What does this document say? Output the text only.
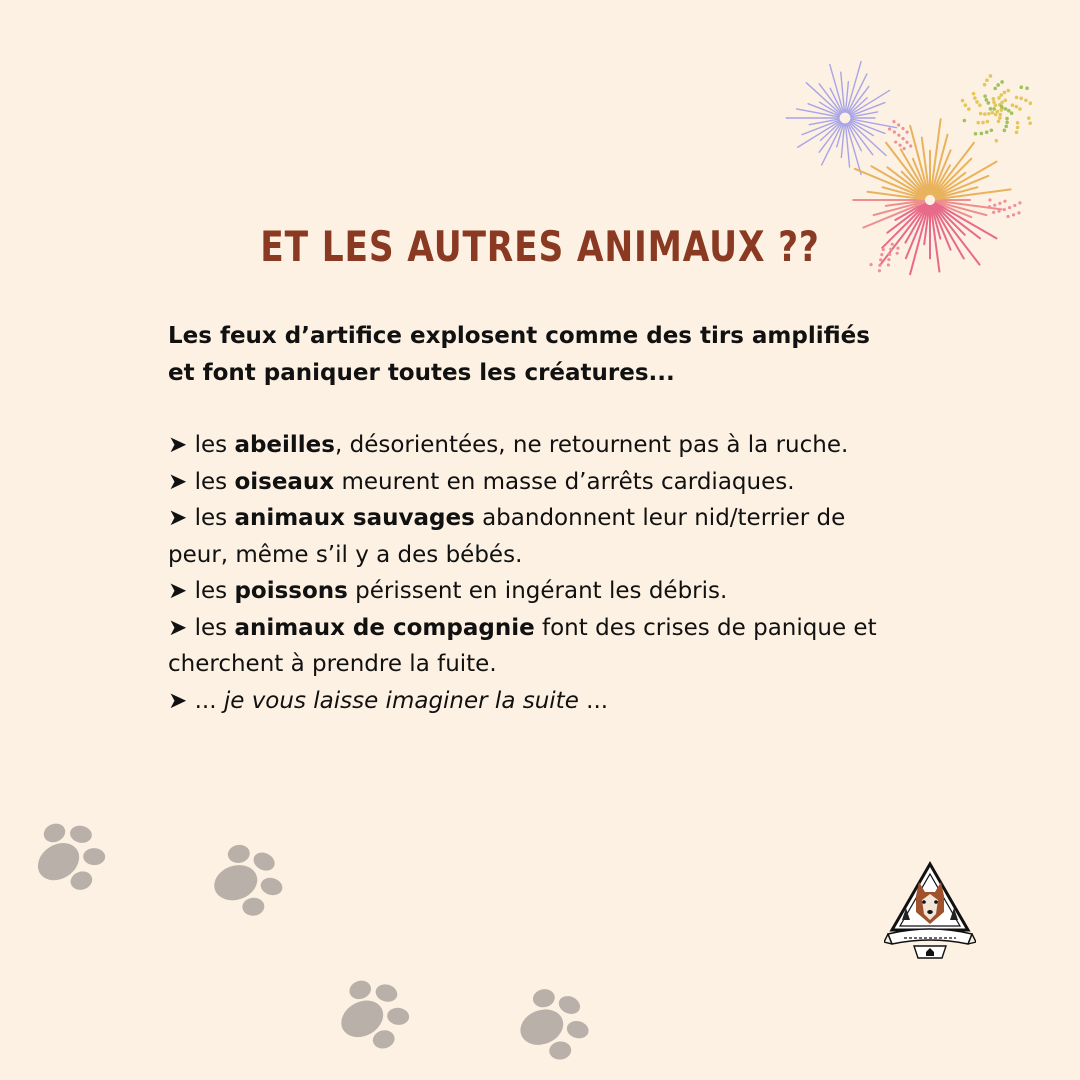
ET LES AUTRES ANIMAUX ??

Les feux d’artifice explosent comme des tirs amplifiés
et font paniquer toutes les créatures...

➤ les abeilles, désorientées, ne retournent pas à la ruche.
➤ les oiseaux meurent en masse d’arrêts cardiaques.
➤ les animaux sauvages abandonnent leur nid/terrier de peur, même s’il y a des bébés.
➤ les poissons périssent en ingérant les débris.
➤ les animaux de compagnie font des crises de panique et cherchent à prendre la fuite.
➤ ... je vous laisse imaginer la suite ...
